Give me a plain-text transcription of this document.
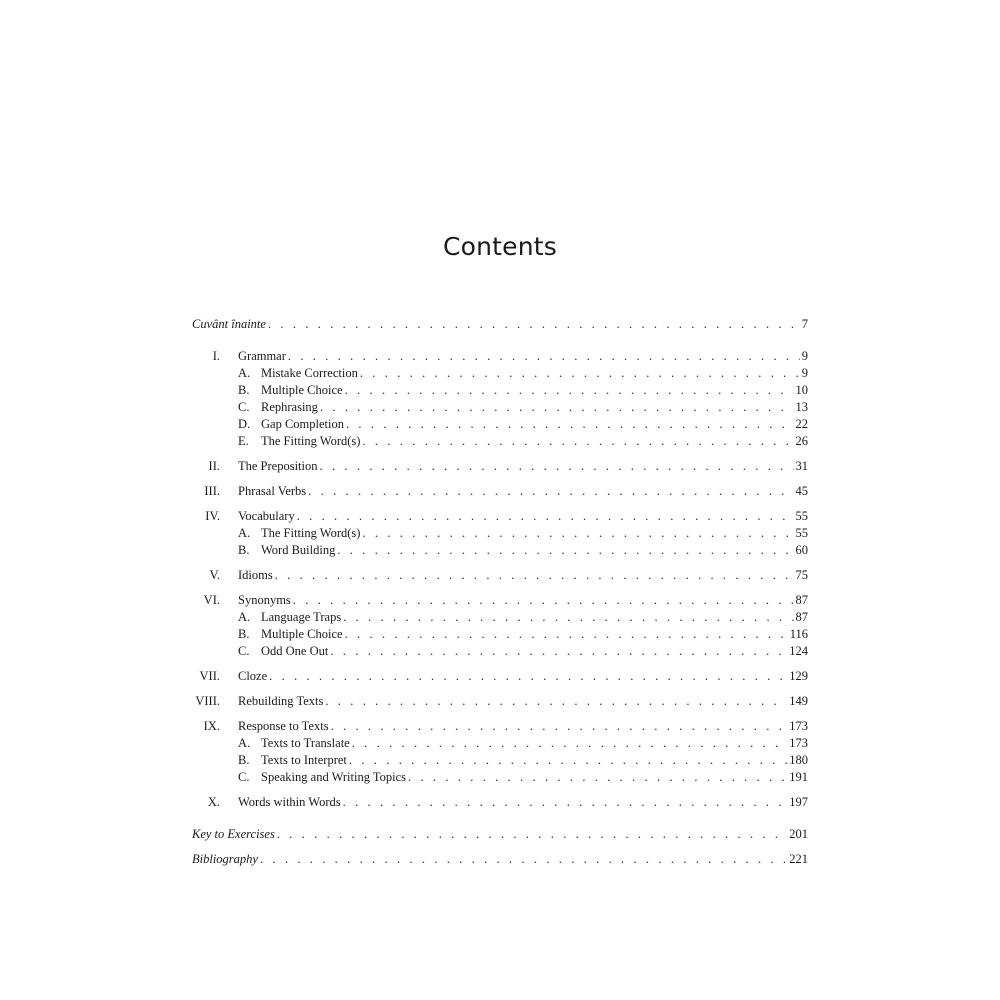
Contents
Cuvânt înainte . . .	7
I. Grammar . . .	9
A. Mistake Correction . . .	9
B. Multiple Choice . . .	10
C. Rephrasing . . .	13
D. Gap Completion . . .	22
E. The Fitting Word(s) . . .	26
II. The Preposition . . .	31
III. Phrasal Verbs . . .	45
IV. Vocabulary . . .	55
A. The Fitting Word(s) . . .	55
B. Word Building . . .	60
V. Idioms . . .	75
VI. Synonyms . . .	87
A. Language Traps . . .	87
B. Multiple Choice . . .	116
C. Odd One Out . . .	124
VII. Cloze . . .	129
VIII. Rebuilding Texts . . .	149
IX. Response to Texts . . .	173
A. Texts to Translate . . .	173
B. Texts to Interpret . . .	180
C. Speaking and Writing Topics . . .	191
X. Words within Words . . .	197
Key to Exercises . . .	201
Bibliography . . .	221
